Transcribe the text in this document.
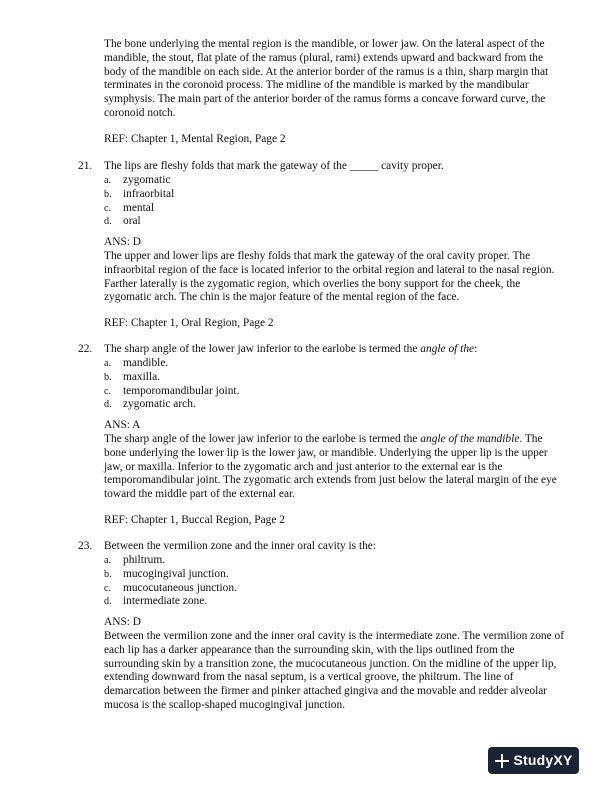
The bone underlying the mental region is the mandible, or lower jaw. On the lateral aspect of the mandible, the stout, flat plate of the ramus (plural, rami) extends upward and backward from the body of the mandible on each side. At the anterior border of the ramus is a thin, sharp margin that terminates in the coronoid process. The midline of the mandible is marked by the mandibular symphysis. The main part of the anterior border of the ramus forms a concave forward curve, the coronoid notch.

REF: Chapter 1, Mental Region, Page 2

21. The lips are fleshy folds that mark the gateway of the _____ cavity proper.
a. zygomatic
b. infraorbital
c. mental
d. oral

ANS: D

The upper and lower lips are fleshy folds that mark the gateway of the oral cavity proper. The infraorbital region of the face is located inferior to the orbital region and lateral to the nasal region. Farther laterally is the zygomatic region, which overlies the bony support for the cheek, the zygomatic arch. The chin is the major feature of the mental region of the face.

REF: Chapter 1, Oral Region, Page 2

22. The sharp angle of the lower jaw inferior to the earlobe is termed the angle of the:
a. mandible.
b. maxilla.
c. temporomandibular joint.
d. zygomatic arch.

ANS: A

The sharp angle of the lower jaw inferior to the earlobe is termed the angle of the mandible. The bone underlying the lower lip is the lower jaw, or mandible. Underlying the upper lip is the upper jaw, or maxilla. Inferior to the zygomatic arch and just anterior to the external ear is the temporomandibular joint. The zygomatic arch extends from just below the lateral margin of the eye toward the middle part of the external ear.

REF: Chapter 1, Buccal Region, Page 2

23. Between the vermilion zone and the inner oral cavity is the:
a. philtrum.
b. mucogingival junction.
c. mucocutaneous junction.
d. intermediate zone.

ANS: D

Between the vermilion zone and the inner oral cavity is the intermediate zone. The vermilion zone of each lip has a darker appearance than the surrounding skin, with the lips outlined from the surrounding skin by a transition zone, the mucocutaneous junction. On the midline of the upper lip, extending downward from the nasal septum, is a vertical groove, the philtrum. The line of demarcation between the firmer and pinker attached gingiva and the movable and redder alveolar mucosa is the scallop-shaped mucogingival junction.

StudyXY
